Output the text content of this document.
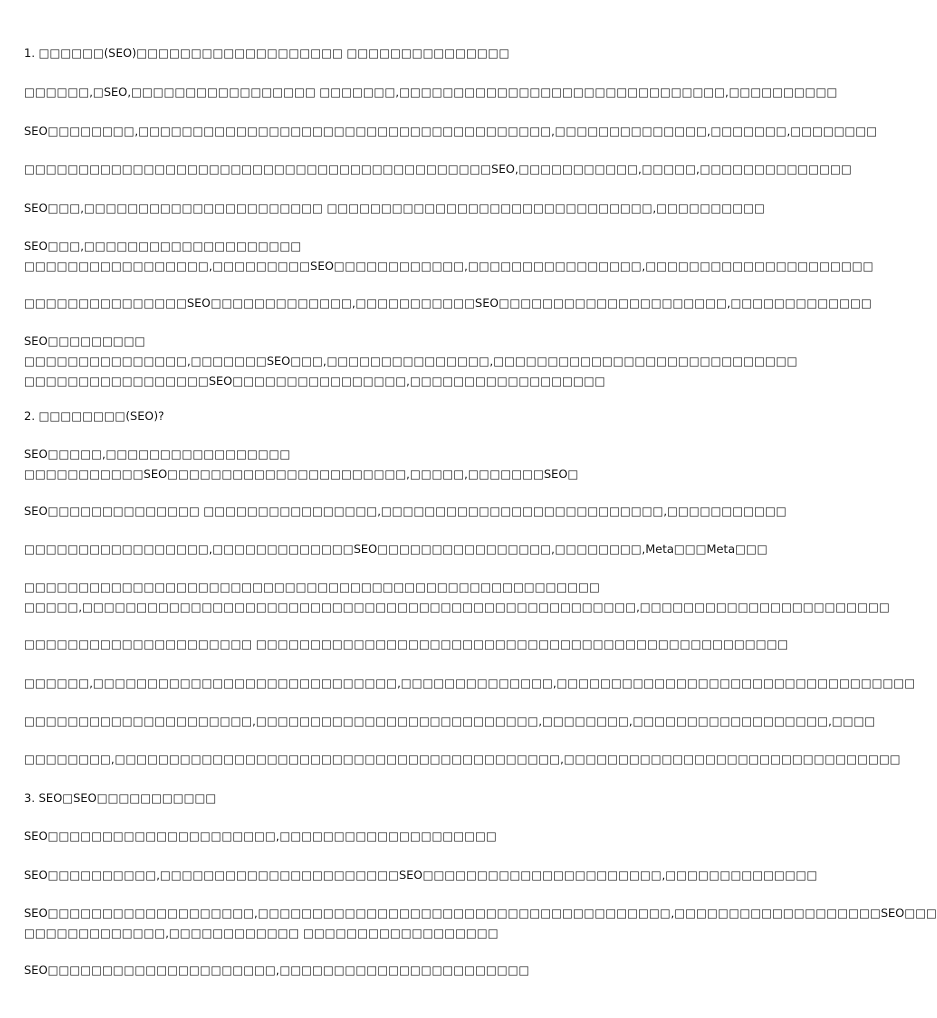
1. □□□□□□(SEO)□□□□□□□□□□□□□□□□□□□ □□□□□□□□□□□□□□□

□□□□□□,□SEO,□□□□□□□□□□□□□□□□□ □□□□□□□,□□□□□□□□□□□□□□□□□□□□□□□□□□□□□□,□□□□□□□□□□

SEO□□□□□□□□,□□□□□□□□□□□□□□□□□□□□□□□□□□□□□□□□□□□□□□,□□□□□□□□□□□□□□,□□□□□□□,□□□□□□□□

□□□□□□□□□□□□□□□□□□□□□□□□□□□□□□□□□□□□□□□□□□□SEO,□□□□□□□□□□□,□□□□□,□□□□□□□□□□□□□□

SEO□□□,□□□□□□□□□□□□□□□□□□□□□□ □□□□□□□□□□□□□□□□□□□□□□□□□□□□□□,□□□□□□□□□□

SEO□□□,□□□□□□□□□□□□□□□□□□□□
□□□□□□□□□□□□□□□□□,□□□□□□□□□SEO□□□□□□□□□□□□,□□□□□□□□□□□□□□□□,□□□□□□□□□□□□□□□□□□□□□

□□□□□□□□□□□□□□□SEO□□□□□□□□□□□□□,□□□□□□□□□□□SEO□□□□□□□□□□□□□□□□□□□□□,□□□□□□□□□□□□□

SEO□□□□□□□□□
□□□□□□□□□□□□□□□,□□□□□□□SEO□□□,□□□□□□□□□□□□□□□,□□□□□□□□□□□□□□□□□□□□□□□□□□□□
□□□□□□□□□□□□□□□□□SEO□□□□□□□□□□□□□□□□,□□□□□□□□□□□□□□□□□□

2. □□□□□□□□(SEO)?

SEO□□□□□,□□□□□□□□□□□□□□□□□
□□□□□□□□□□□SEO□□□□□□□□□□□□□□□□□□□□□□,□□□□□,□□□□□□□SEO□

SEO□□□□□□□□□□□□□□ □□□□□□□□□□□□□□□□,□□□□□□□□□□□□□□□□□□□□□□□□□□,□□□□□□□□□□□

□□□□□□□□□□□□□□□□□,□□□□□□□□□□□□□SEO□□□□□□□□□□□□□□□□,□□□□□□□□,Meta□□□Meta□□□

□□□□□□□□□□□□□□□□□□□□□□□□□□□□□□□□□□□□□□□□□□□□□□□□□□□□□
□□□□□,□□□□□□□□□□□□□□□□□□□□□□□□□□□□□□□□□□□□□□□□□□□□□□□□□□□,□□□□□□□□□□□□□□□□□□□□□□□

□□□□□□□□□□□□□□□□□□□□□ □□□□□□□□□□□□□□□□□□□□□□□□□□□□□□□□□□□□□□□□□□□□□□□□□

□□□□□□,□□□□□□□□□□□□□□□□□□□□□□□□□□□□,□□□□□□□□□□□□□□,□□□□□□□□□□□□□□□□□□□□□□□□□□□□□□□□□

□□□□□□□□□□□□□□□□□□□□□,□□□□□□□□□□□□□□□□□□□□□□□□□□,□□□□□□□□,□□□□□□□□□□□□□□□□□□,□□□□

□□□□□□□□,□□□□□□□□□□□□□□□□□□□□□□□□□□□□□□□□□□□□□□□□□,□□□□□□□□□□□□□□□□□□□□□□□□□□□□□□□

3. SEO□SEO□□□□□□□□□□□

SEO□□□□□□□□□□□□□□□□□□□□□,□□□□□□□□□□□□□□□□□□□□

SEO□□□□□□□□□□,□□□□□□□□□□□□□□□□□□□□□□SEO□□□□□□□□□□□□□□□□□□□□□□,□□□□□□□□□□□□□□

SEO□□□□□□□□□□□□□□□□□□□,□□□□□□□□□□□□□□□□□□□□□□□□□□□□□□□□□□□□□□,□□□□□□□□□□□□□□□□□□□SEO□□□
□□□□□□□□□□□□□,□□□□□□□□□□□□ □□□□□□□□□□□□□□□□□□

SEO□□□□□□□□□□□□□□□□□□□□□,□□□□□□□□□□□□□□□□□□□□□□□
